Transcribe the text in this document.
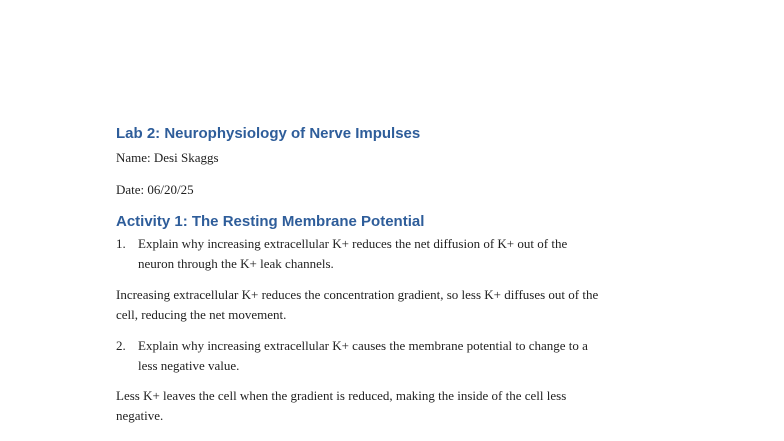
Lab 2: Neurophysiology of Nerve Impulses

Name: Desi Skaggs

Date: 06/20/25

Activity 1: The Resting Membrane Potential
1. Explain why increasing extracellular K+ reduces the net diffusion of K+ out of the
neuron through the K+ leak channels.

Increasing extracellular K+ reduces the concentration gradient, so less K+ diffuses out of the
cell, reducing the net movement.

2. Explain why increasing extracellular K+ causes the membrane potential to change to a
less negative value.

Less K+ leaves the cell when the gradient is reduced, making the inside of the cell less
negative.
